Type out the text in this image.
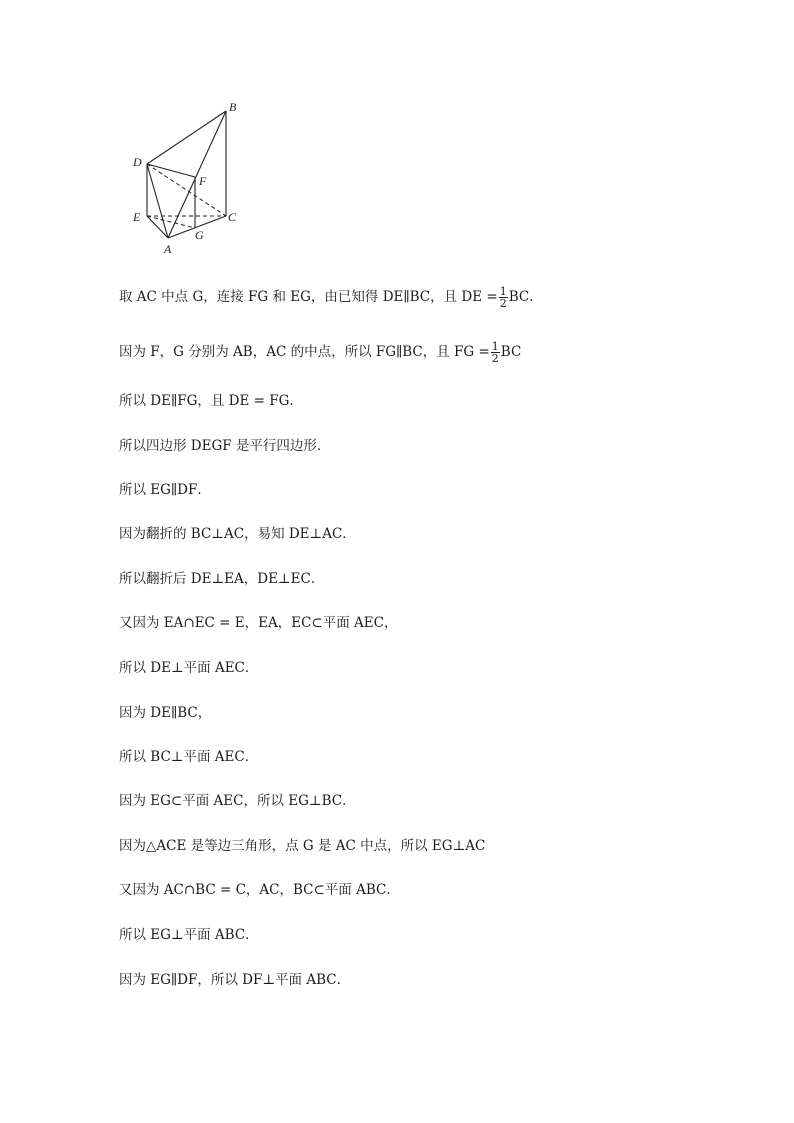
B
D
F
E	C
G
A
取 AC 中点 G，连接 FG 和 EG，由已知得 DE∥BC，且 DE = $\frac{1}{2}$ BC．
因为 F，G 分别为 AB，AC 的中点，所以 FG∥BC，且 FG = $\frac{1}{2}$ BC
所以 DE∥FG，且 DE = FG．
所以四边形 DEGF 是平行四边形．
所以 EG∥DF．
因为翻折的 BC⊥AC，易知 DE⊥AC．
所以翻折后 DE⊥EA，DE⊥EC．
又因为 EA∩EC = E，EA，EC⊂平面 AEC，
所以 DE⊥平面 AEC．
因为 DE∥BC，
所以 BC⊥平面 AEC．
因为 EG⊂平面 AEC，所以 EG⊥BC．
因为△ACE 是等边三角形，点 G 是 AC 中点，所以 EG⊥AC
又因为 AC∩BC = C，AC，BC⊂平面 ABC．
所以 EG⊥平面 ABC．
因为 EG∥DF，所以 DF⊥平面 ABC．
